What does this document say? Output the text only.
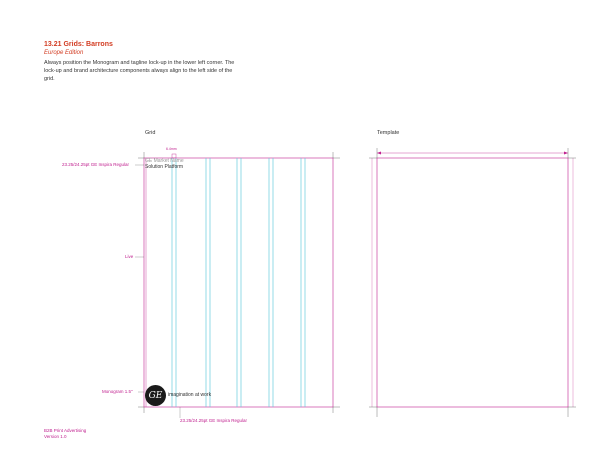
13.21 Grids: Barrons
Europe Edition
Always position the Monogram and tagline lock-up in the lower left corner. The lock-up and brand architecture components always align to the left side of the grid.
Grid	Template
6.4mm
23.25/24.25pt GE Inspira Regular
Live
Monogram 1.5"
23.25/24.25pt GE Inspira Regular
GE Market Name
Solution Platform
GE	imagination at work
B2B Print Advertising
Version 1.0
